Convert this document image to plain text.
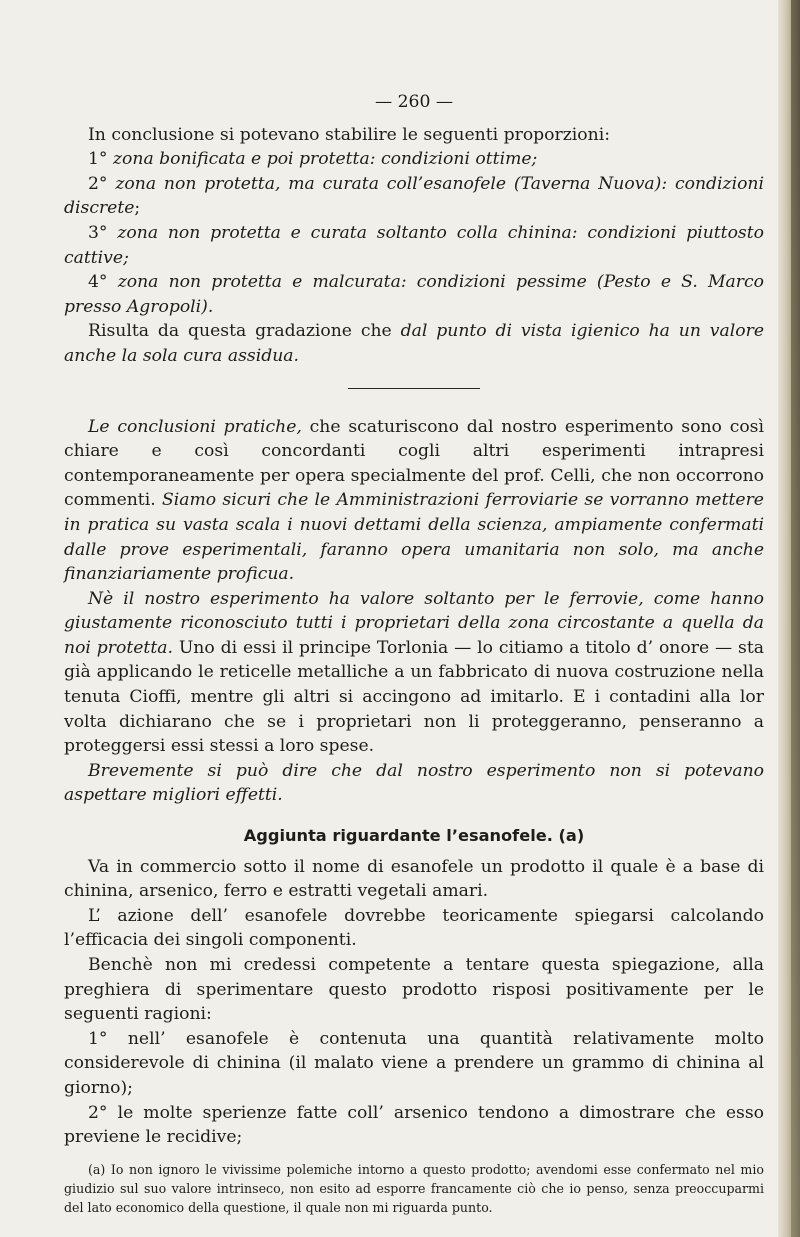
— 260 —

In conclusione si potevano stabilire le seguenti proporzioni:

1° zona bonificata e poi protetta: condizioni ottime;

2° zona non protetta, ma curata coll’esanofele (Taverna Nuova): condizioni discrete;

3° zona non protetta e curata soltanto colla chinina: condizioni piuttosto cattive;

4° zona non protetta e malcurata: condizioni pessime (Pesto e S. Marco presso Agropoli).

Risulta da questa gradazione che dal punto di vista igienico ha un valore anche la sola cura assidua.

Le conclusioni pratiche, che scaturiscono dal nostro esperimento sono così chiare e così concordanti cogli altri esperimenti intrapresi contemporaneamente per opera specialmente del prof. Celli, che non occorrono commenti. Siamo sicuri che le Amministrazioni ferroviarie se vorranno mettere in pratica su vasta scala i nuovi dettami della scienza, ampiamente confermati dalle prove esperimentali, faranno opera umanitaria non solo, ma anche finanziariamente proficua.

Nè il nostro esperimento ha valore soltanto per le ferrovie, come hanno giustamente riconosciuto tutti i proprietari della zona circostante a quella da noi protetta. Uno di essi il principe Torlonia — lo citiamo a titolo d’ onore — sta già applicando le reticelle metalliche a un fabbricato di nuova costruzione nella tenuta Cioffi, mentre gli altri si accingono ad imitarlo. E i contadini alla lor volta dichiarano che se i proprietari non li proteggeranno, penseranno a proteggersi essi stessi a loro spese.

Brevemente si può dire che dal nostro esperimento non si potevano aspettare migliori effetti.

Aggiunta riguardante l’esanofele. (a)

Va in commercio sotto il nome di esanofele un prodotto il quale è a base di chinina, arsenico, ferro e estratti vegetali amari.

L’ azione dell’ esanofele dovrebbe teoricamente spiegarsi calcolando l’efficacia dei singoli componenti.

Benchè non mi credessi competente a tentare questa spiegazione, alla preghiera di sperimentare questo prodotto risposi positivamente per le seguenti ragioni:

1° nell’ esanofele è contenuta una quantità relativamente molto considerevole di chinina (il malato viene a prendere un grammo di chinina al giorno);

2° le molte sperienze fatte coll’ arsenico tendono a dimostrare che esso previene le recidive;

(a) Io non ignoro le vivissime polemiche intorno a questo prodotto; avendomi esse confermato nel mio giudizio sul suo valore intrinseco, non esito ad esporre francamente ciò che io penso, senza preoccuparmi del lato economico della questione, il quale non mi riguarda punto.
